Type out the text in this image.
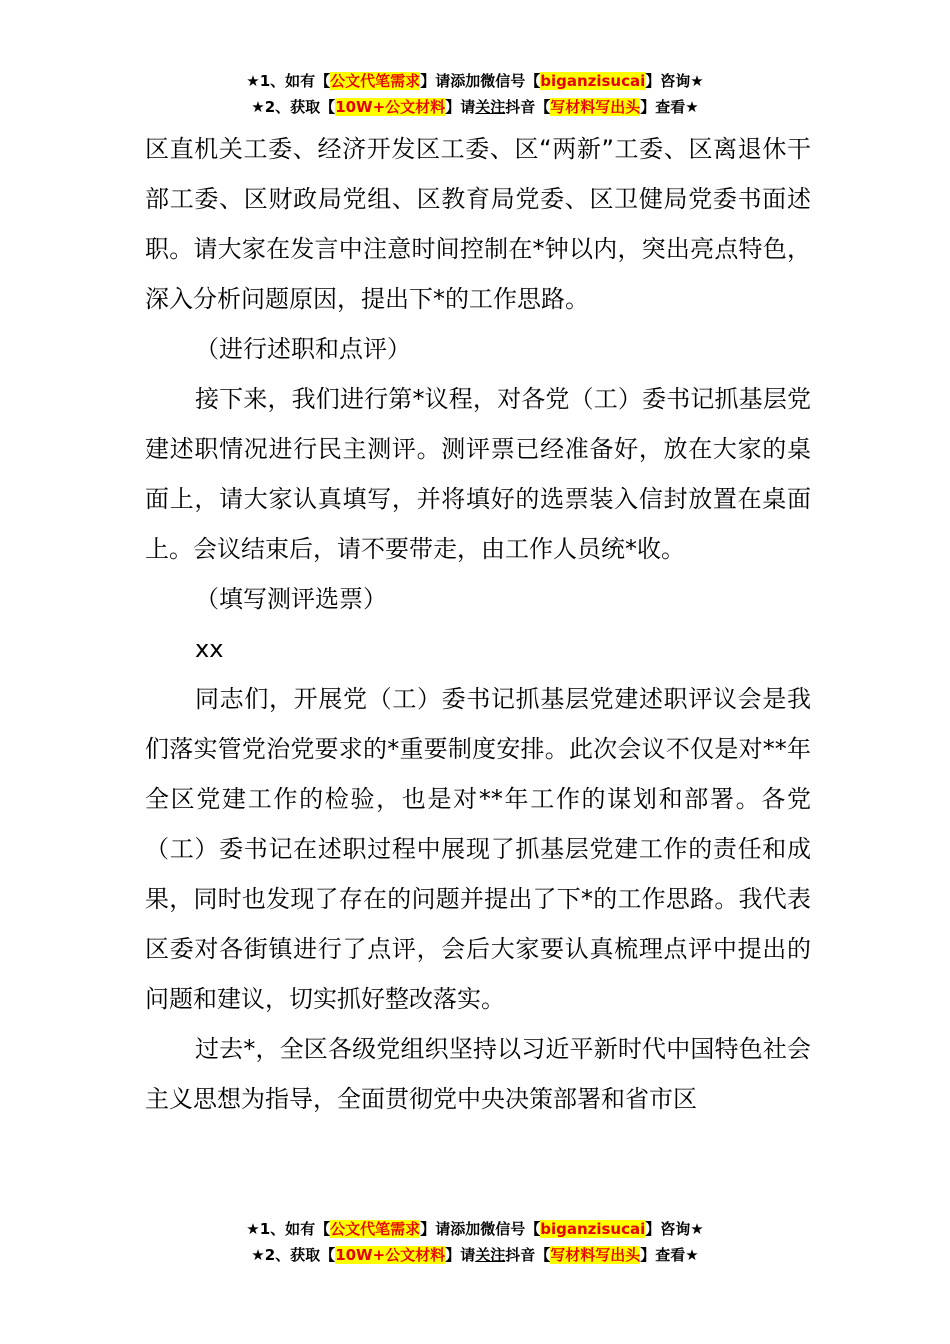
★1、如有【公文代笔需求】请添加微信号【biganzisucai】咨询★
★2、获取【10W+公文材料】请关注抖音【写材料写出头】查看★

区直机关工委、经济开发区工委、区“两新”工委、区离退休干部工委、区财政局党组、区教育局党委、区卫健局党委书面述职。请大家在发言中注意时间控制在*钟以内，突出亮点特色，深入分析问题原因，提出下*的工作思路。

（进行述职和点评）

接下来，我们进行第*议程，对各党（工）委书记抓基层党建述职情况进行民主测评。测评票已经准备好，放在大家的桌面上，请大家认真填写，并将填好的选票装入信封放置在桌面上。会议结束后，请不要带走，由工作人员统*收。

（填写测评选票）

xx

同志们，开展党（工）委书记抓基层党建述职评议会是我们落实管党治党要求的*重要制度安排。此次会议不仅是对**年全区党建工作的检验，也是对**年工作的谋划和部署。各党（工）委书记在述职过程中展现了抓基层党建工作的责任和成果，同时也发现了存在的问题并提出了下*的工作思路。我代表区委对各街镇进行了点评，会后大家要认真梳理点评中提出的问题和建议，切实抓好整改落实。

过去*，全区各级党组织坚持以习近平新时代中国特色社会主义思想为指导，全面贯彻党中央决策部署和省市区

★1、如有【公文代笔需求】请添加微信号【biganzisucai】咨询★
★2、获取【10W+公文材料】请关注抖音【写材料写出头】查看★
